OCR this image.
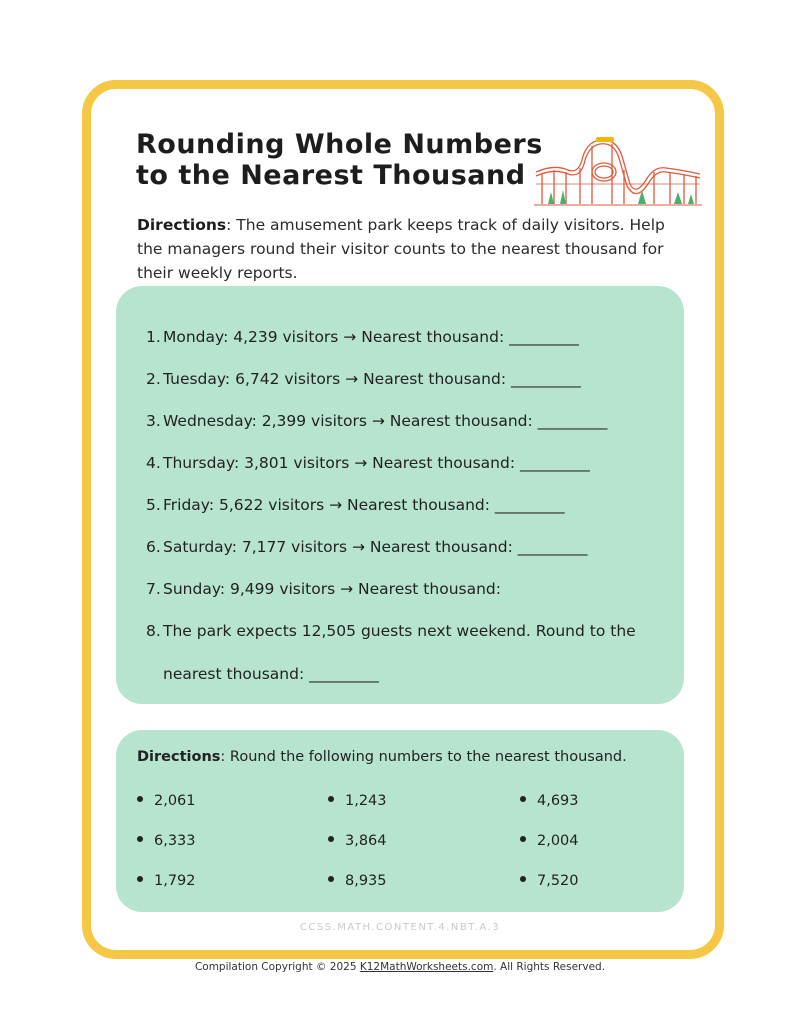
Rounding Whole Numbers
to the Nearest Thousand

Directions: The amusement park keeps track of daily visitors. Help the managers round their visitor counts to the nearest thousand for their weekly reports.

1. Monday: 4,239 visitors → Nearest thousand: _________
2. Tuesday: 6,742 visitors → Nearest thousand: _________
3. Wednesday: 2,399 visitors → Nearest thousand: _________
4. Thursday: 3,801 visitors → Nearest thousand: _________
5. Friday: 5,622 visitors → Nearest thousand: _________
6. Saturday: 7,177 visitors → Nearest thousand: _________
7. Sunday: 9,499 visitors → Nearest thousand:
8. The park expects 12,505 guests next weekend. Round to the nearest thousand: _________

Directions: Round the following numbers to the nearest thousand.

2,061	1,243	4,693
6,333	3,864	2,004
1,792	8,935	7,520
CCSS.MATH.CONTENT.4.NBT.A.3
Compilation Copyright © 2025 K12MathWorksheets.com. All Rights Reserved.
